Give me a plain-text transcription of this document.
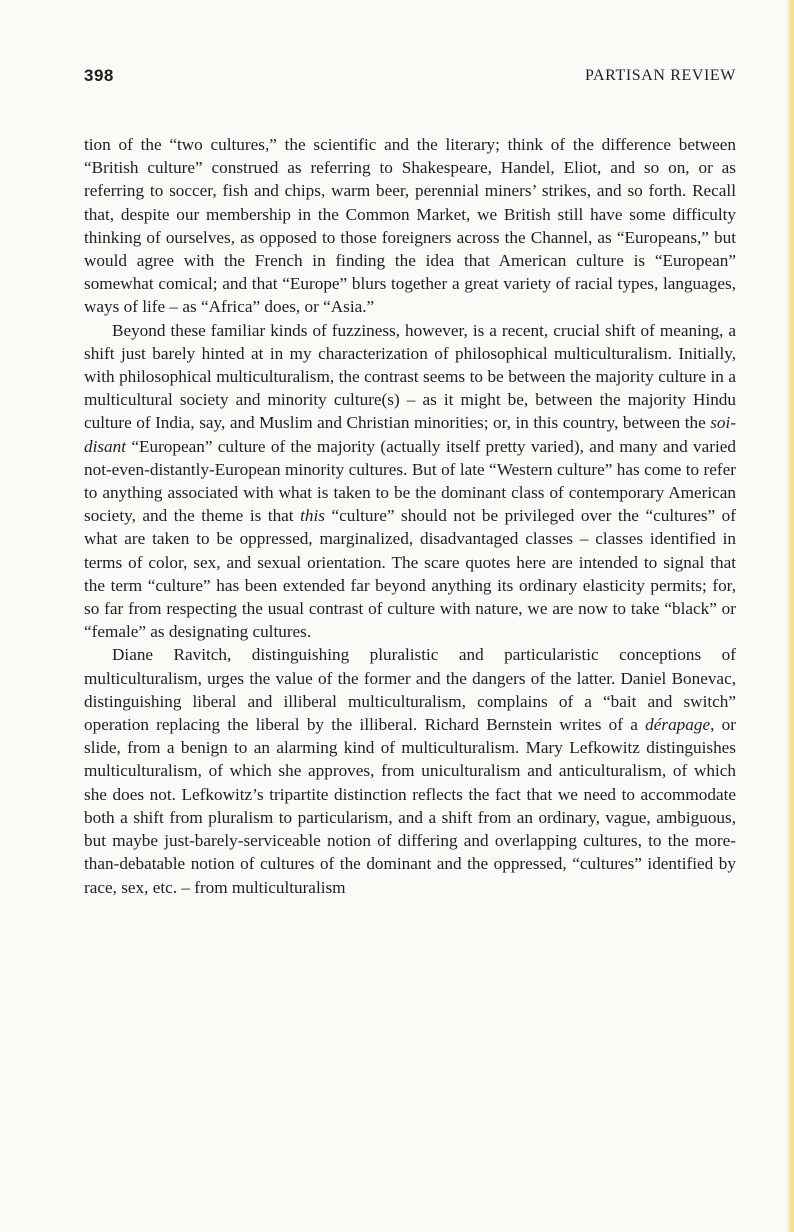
398	PARTISAN REVIEW

tion of the “two cultures,” the scientific and the literary; think of the difference between “British culture” construed as referring to Shakespeare, Handel, Eliot, and so on, or as referring to soccer, fish and chips, warm beer, perennial miners’ strikes, and so forth. Recall that, despite our membership in the Common Market, we British still have some difficulty thinking of ourselves, as opposed to those foreigners across the Channel, as “Europeans,” but would agree with the French in finding the idea that American culture is “European” somewhat comical; and that “Europe” blurs together a great variety of racial types, languages, ways of life – as “Africa” does, or “Asia.”

Beyond these familiar kinds of fuzziness, however, is a recent, crucial shift of meaning, a shift just barely hinted at in my characterization of philosophical multiculturalism. Initially, with philosophical multiculturalism, the contrast seems to be between the majority culture in a multicultural society and minority culture(s) – as it might be, between the majority Hindu culture of India, say, and Muslim and Christian minorities; or, in this country, between the soi-disant “European” culture of the majority (actually itself pretty varied), and many and varied not-even-distantly-European minority cultures. But of late “Western culture” has come to refer to anything associated with what is taken to be the dominant class of contemporary American society, and the theme is that this “culture” should not be privileged over the “cultures” of what are taken to be oppressed, marginalized, disadvantaged classes – classes identified in terms of color, sex, and sexual orientation. The scare quotes here are intended to signal that the term “culture” has been extended far beyond anything its ordinary elasticity permits; for, so far from respecting the usual contrast of culture with nature, we are now to take “black” or “female” as designating cultures.

Diane Ravitch, distinguishing pluralistic and particularistic conceptions of multiculturalism, urges the value of the former and the dangers of the latter. Daniel Bonevac, distinguishing liberal and illiberal multiculturalism, complains of a “bait and switch” operation replacing the liberal by the illiberal. Richard Bernstein writes of a dérapage, or slide, from a benign to an alarming kind of multiculturalism. Mary Lefkowitz distinguishes multiculturalism, of which she approves, from uniculturalism and anticulturalism, of which she does not. Lefkowitz’s tripartite distinction reflects the fact that we need to accommodate both a shift from pluralism to particularism, and a shift from an ordinary, vague, ambiguous, but maybe just-barely-serviceable notion of differing and overlapping cultures, to the more-than-debatable notion of cultures of the dominant and the oppressed, “cultures” identified by race, sex, etc. – from multiculturalism
